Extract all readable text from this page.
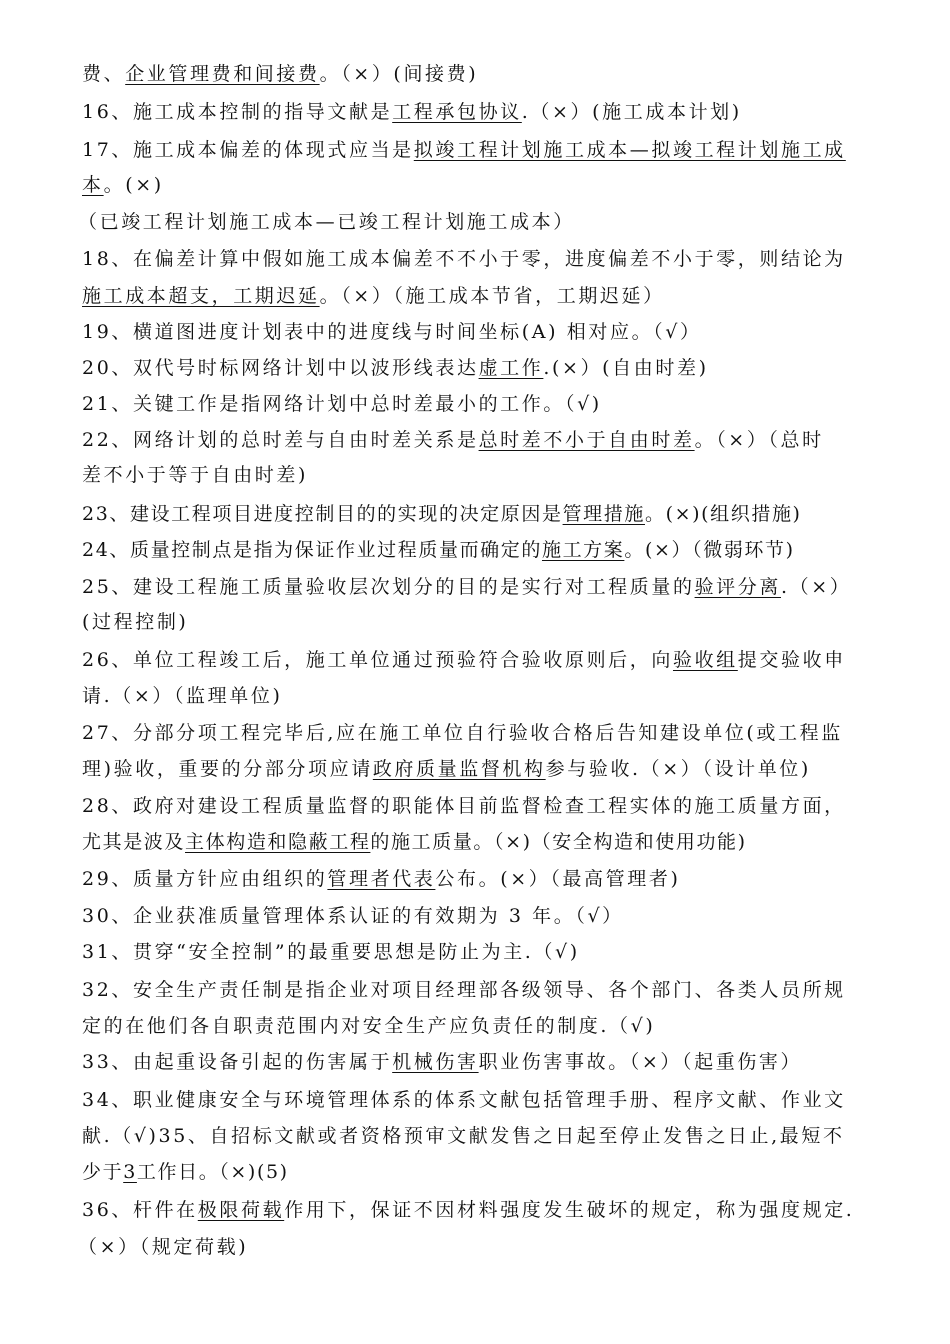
费、企业管理费和间接费。（×）(间接费)
16、施工成本控制的指导文献是工程承包协议.（×）(施工成本计划)
17、施工成本偏差的体现式应当是拟竣工程计划施工成本—拟竣工程计划施工成
本。(×)
（已竣工程计划施工成本—已竣工程计划施工成本）
18、在偏差计算中假如施工成本偏差不不小于零，进度偏差不小于零，则结论为
施工成本超支，工期迟延。（×）（施工成本节省，工期迟延）
19、横道图进度计划表中的进度线与时间坐标(A) 相对应。（√）
20、双代号时标网络计划中以波形线表达虚工作.(×）(自由时差)
21、关键工作是指网络计划中总时差最小的工作。（√)
22、网络计划的总时差与自由时差关系是总时差不小于自由时差。（×）（总时
差不小于等于自由时差)
23、建设工程项目进度控制目的的实现的决定原因是管理措施。(×)(组织措施)
24、质量控制点是指为保证作业过程质量而确定的施工方案。(×）（微弱环节)
25、建设工程施工质量验收层次划分的目的是实行对工程质量的验评分离.（×）
(过程控制)
26、单位工程竣工后，施工单位通过预验符合验收原则后，向验收组提交验收申
请.（×）（监理单位)
27、分部分项工程完毕后,应在施工单位自行验收合格后告知建设单位(或工程监
理)验收，重要的分部分项应请政府质量监督机构参与验收.（×）（设计单位)
28、政府对建设工程质量监督的职能体目前监督检查工程实体的施工质量方面，
尤其是波及主体构造和隐蔽工程的施工质量。（×)（安全构造和使用功能)
29、质量方针应由组织的管理者代表公布。(×）（最高管理者)
30、企业获准质量管理体系认证的有效期为 3 年。（√）
31、贯穿“安全控制”的最重要思想是防止为主.（√)
32、安全生产责任制是指企业对项目经理部各级领导、各个部门、各类人员所规
定的在他们各自职责范围内对安全生产应负责任的制度.（√)
33、由起重设备引起的伤害属于机械伤害职业伤害事故。（×）（起重伤害）
34、职业健康安全与环境管理体系的体系文献包括管理手册、程序文献、作业文
献.（√)35、自招标文献或者资格预审文献发售之日起至停止发售之日止,最短不
少于3工作日。（×)(5)
36、杆件在极限荷载作用下，保证不因材料强度发生破坏的规定，称为强度规定.
（×）（规定荷载)
